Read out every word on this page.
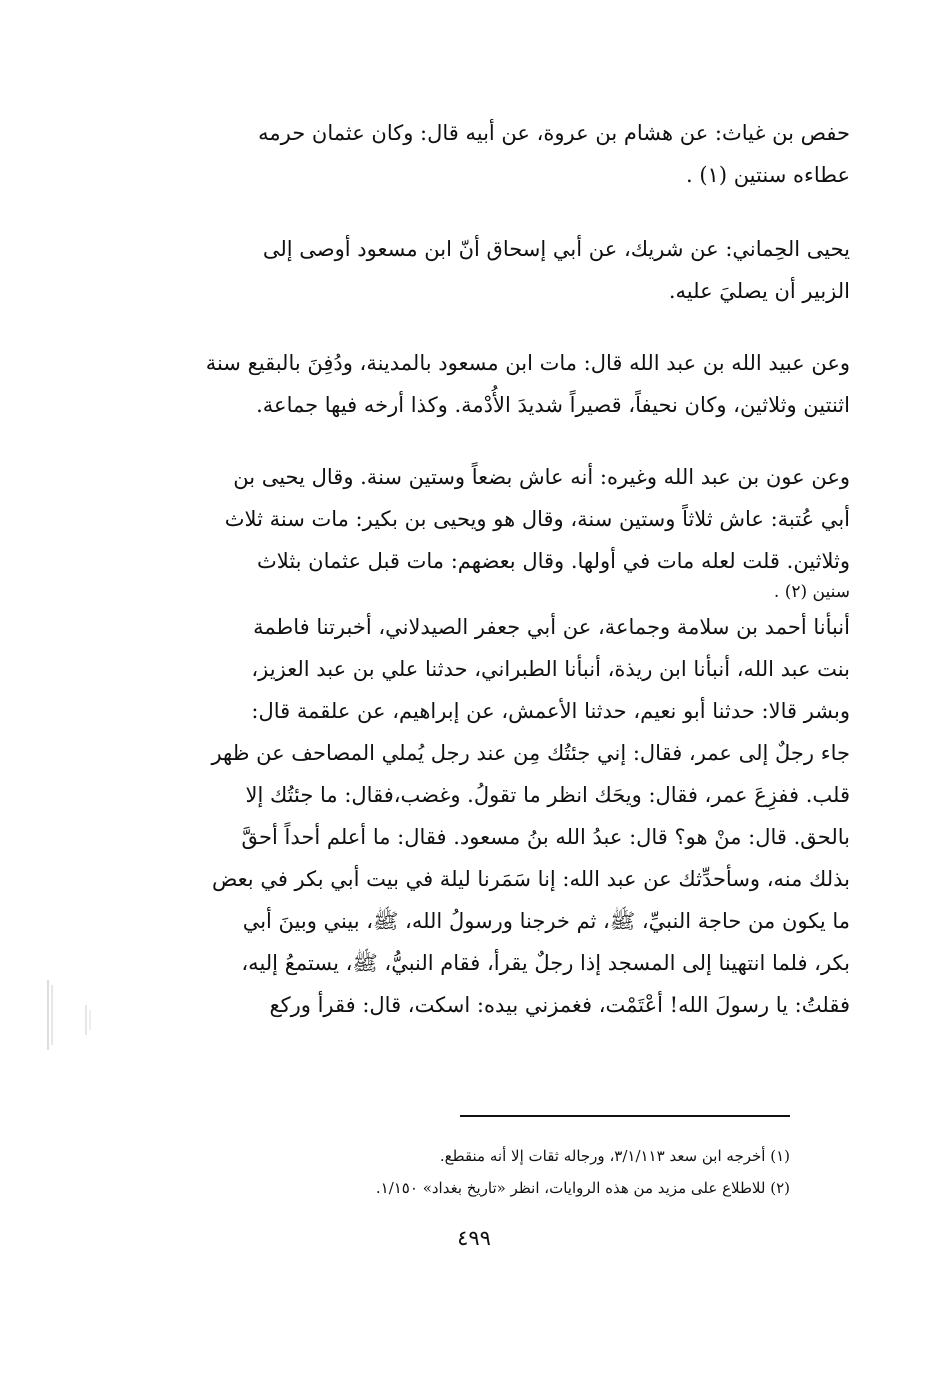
حفص بن غياث: عن هشام بن عروة، عن أبيه قال: وكان عثمان حرمه
عطاءه سنتين (١) .
يحيى الحِماني: عن شريك، عن أبي إسحاق أنّ ابن مسعود أوصى إلى
الزبير أن يصليَ عليه.
وعن عبيد الله بن عبد الله قال: مات ابن مسعود بالمدينة، ودُفِنَ بالبقيع سنة
اثنتين وثلاثين، وكان نحيفاً، قصيراً شديدَ الأُدْمة. وكذا أرخه فيها جماعة.
وعن عون بن عبد الله وغيره: أنه عاش بضعاً وستين سنة. وقال يحيى بن
أبي عُتبة: عاش ثلاثاً وستين سنة، وقال هو ويحيى بن بكير: مات سنة ثلاث
وثلاثين. قلت لعله مات في أولها. وقال بعضهم: مات قبل عثمان بثلاث
سنين (٢) .
أنبأنا أحمد بن سلامة وجماعة، عن أبي جعفر الصيدلاني، أخبرتنا فاطمة
بنت عبد الله، أنبأنا ابن ريذة، أنبأنا الطبراني، حدثنا علي بن عبد العزيز،
وبشر قالا: حدثنا أبو نعيم، حدثنا الأعمش، عن إبراهيم، عن علقمة قال:
جاء رجلٌ إلى عمر، فقال: إني جئتُك مِن عند رجل يُملي المصاحف عن ظهر
قلب. ففزِعَ عمر، فقال: ويحَك انظر ما تقولُ. وغضب،فقال: ما جئتُك إلا
بالحق. قال: منْ هو؟ قال: عبدُ الله بنُ مسعود. فقال: ما أعلم أحداً أحقَّ
بذلك منه، وسأحدِّثك عن عبد الله: إنا سَمَرنا ليلة في بيت أبي بكر في بعض
ما يكون من حاجة النبيِّ، ﷺ، ثم خرجنا ورسولُ الله، ﷺ، بيني وبينَ أبي
بكر، فلما انتهينا إلى المسجد إذا رجلٌ يقرأ، فقام النبيُّ، ﷺ، يستمعُ إليه،
فقلتُ: يا رسولَ الله! أعْتَمْت، فغمزني بيده: اسكت، قال: فقرأ وركع
(١) أخرجه ابن سعد ٣/١/١١٣، ورجاله ثقات إلا أنه منقطع.
(٢) للاطلاع على مزيد من هذه الروايات، انظر «تاريخ بغداد» ١/١٥٠.
٤٩٩
